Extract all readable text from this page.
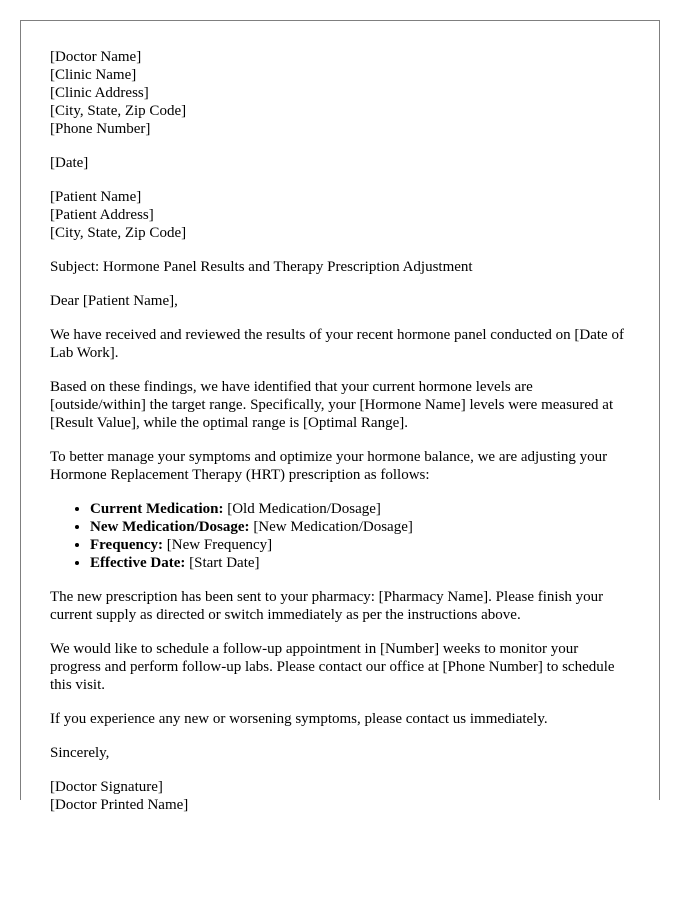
[Doctor Name]
[Clinic Name]
[Clinic Address]
[City, State, Zip Code]
[Phone Number]
[Date]
[Patient Name]
[Patient Address]
[City, State, Zip Code]

Subject: Hormone Panel Results and Therapy Prescription Adjustment

Dear [Patient Name],

We have received and reviewed the results of your recent hormone panel conducted on [Date of Lab Work].

Based on these findings, we have identified that your current hormone levels are [outside/within] the target range. Specifically, your [Hormone Name] levels were measured at [Result Value], while the optimal range is [Optimal Range].

To better manage your symptoms and optimize your hormone balance, we are adjusting your Hormone Replacement Therapy (HRT) prescription as follows:

• Current Medication: [Old Medication/Dosage]
• New Medication/Dosage: [New Medication/Dosage]
• Frequency: [New Frequency]
• Effective Date: [Start Date]

The new prescription has been sent to your pharmacy: [Pharmacy Name]. Please finish your current supply as directed or switch immediately as per the instructions above.

We would like to schedule a follow-up appointment in [Number] weeks to monitor your progress and perform follow-up labs. Please contact our office at [Phone Number] to schedule this visit.

If you experience any new or worsening symptoms, please contact us immediately.

Sincerely,

[Doctor Signature]
[Doctor Printed Name]
